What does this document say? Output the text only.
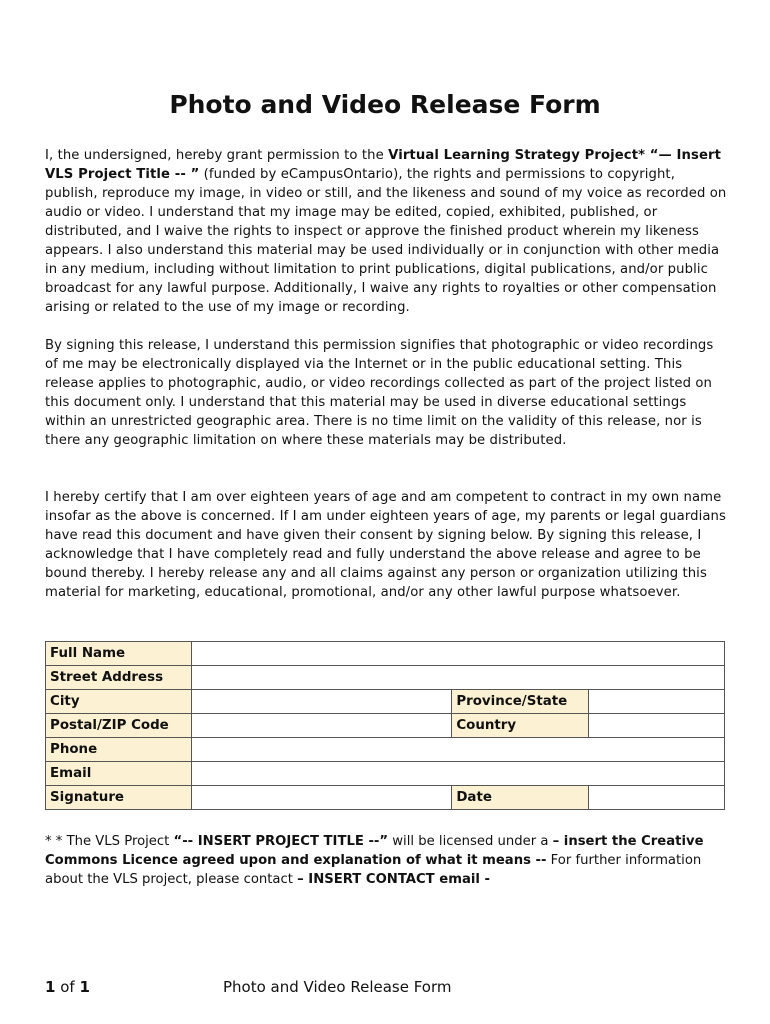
Photo and Video Release Form

I, the undersigned, hereby grant permission to the Virtual Learning Strategy Project* “— Insert VLS Project Title -- ” (funded by eCampusOntario), the rights and permissions to copyright, publish, reproduce my image, in video or still, and the likeness and sound of my voice as recorded on audio or video. I understand that my image may be edited, copied, exhibited, published, or distributed, and I waive the rights to inspect or approve the finished product wherein my likeness appears. I also understand this material may be used individually or in conjunction with other media in any medium, including without limitation to print publications, digital publications, and/or public broadcast for any lawful purpose. Additionally, I waive any rights to royalties or other compensation arising or related to the use of my image or recording.

By signing this release, I understand this permission signifies that photographic or video recordings of me may be electronically displayed via the Internet or in the public educational setting. This release applies to photographic, audio, or video recordings collected as part of the project listed on this document only. I understand that this material may be used in diverse educational settings within an unrestricted geographic area. There is no time limit on the validity of this release, nor is there any geographic limitation on where these materials may be distributed.

I hereby certify that I am over eighteen years of age and am competent to contract in my own name insofar as the above is concerned. If I am under eighteen years of age, my parents or legal guardians have read this document and have given their consent by signing below. By signing this release, I acknowledge that I have completely read and fully understand the above release and agree to be bound thereby. I hereby release any and all claims against any person or organization utilizing this material for marketing, educational, promotional, and/or any other lawful purpose whatsoever.

Full Name			
Street Address			
City		Province/State	
Postal/ZIP Code		Country	
Phone			
Email			
Signature		Date	

* * The VLS Project “-- INSERT PROJECT TITLE --” will be licensed under a – insert the Creative Commons Licence agreed upon and explanation of what it means -- For further information about the VLS project, please contact – INSERT CONTACT email -

1 of 1	Photo and Video Release Form
